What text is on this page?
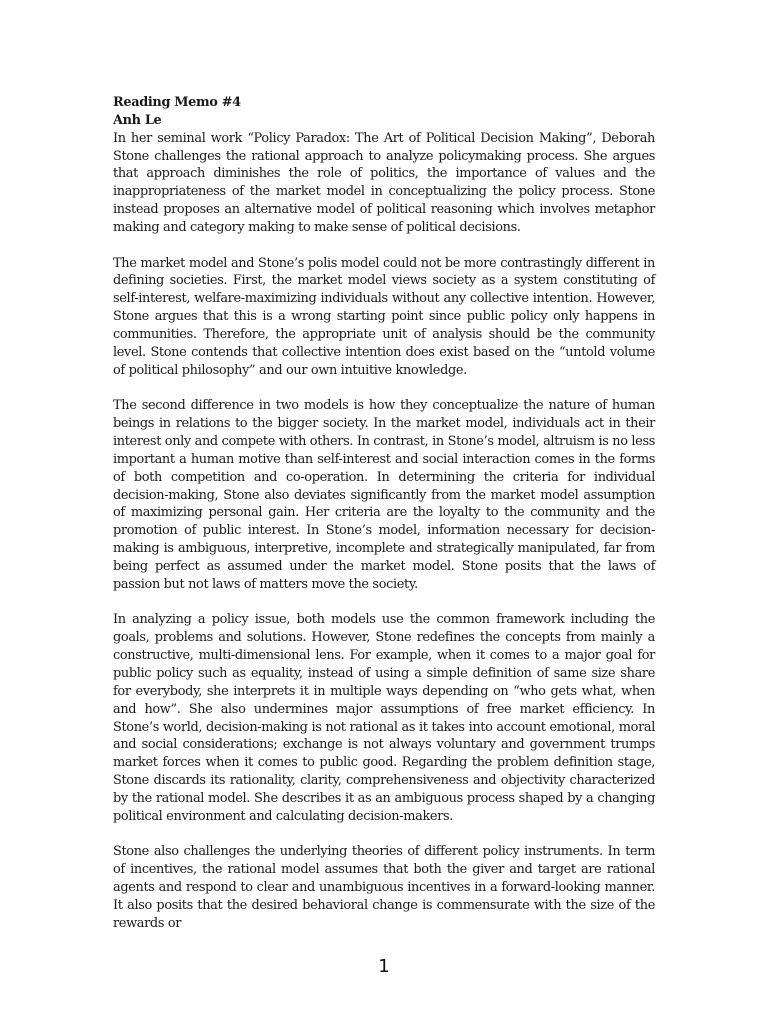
Reading Memo #4

Anh Le

In her seminal work “Policy Paradox: The Art of Political Decision Making”, Deborah Stone challenges the rational approach to analyze policymaking process. She argues that approach diminishes the role of politics, the importance of values and the inappropriateness of the market model in conceptualizing the policy process. Stone instead proposes an alternative model of political reasoning which involves metaphor making and category making to make sense of political decisions.

The market model and Stone’s polis model could not be more contrastingly different in defining societies. First, the market model views society as a system constituting of self-interest, welfare-maximizing individuals without any collective intention. However, Stone argues that this is a wrong starting point since public policy only happens in communities. Therefore, the appropriate unit of analysis should be the community level. Stone contends that collective intention does exist based on the “untold volume of political philosophy” and our own intuitive knowledge.

The second difference in two models is how they conceptualize the nature of human beings in relations to the bigger society. In the market model, individuals act in their interest only and compete with others. In contrast, in Stone’s model, altruism is no less important a human motive than self-interest and social interaction comes in the forms of both competition and co-operation. In determining the criteria for individual decision-making, Stone also deviates significantly from the market model assumption of maximizing personal gain. Her criteria are the loyalty to the community and the promotion of public interest. In Stone’s model, information necessary for decision-making is ambiguous, interpretive, incomplete and strategically manipulated, far from being perfect as assumed under the market model. Stone posits that the laws of passion but not laws of matters move the society.

In analyzing a policy issue, both models use the common framework including the goals, problems and solutions. However, Stone redefines the concepts from mainly a constructive, multi-dimensional lens. For example, when it comes to a major goal for public policy such as equality, instead of using a simple definition of same size share for everybody, she interprets it in multiple ways depending on “who gets what, when and how”. She also undermines major assumptions of free market efficiency. In Stone’s world, decision-making is not rational as it takes into account emotional, moral and social considerations; exchange is not always voluntary and government trumps market forces when it comes to public good. Regarding the problem definition stage, Stone discards its rationality, clarity, comprehensiveness and objectivity characterized by the rational model. She describes it as an ambiguous process shaped by a changing political environment and calculating decision-makers.

Stone also challenges the underlying theories of different policy instruments. In term of incentives, the rational model assumes that both the giver and target are rational agents and respond to clear and unambiguous incentives in a forward-looking manner. It also posits that the desired behavioral change is commensurate with the size of the rewards or

1
